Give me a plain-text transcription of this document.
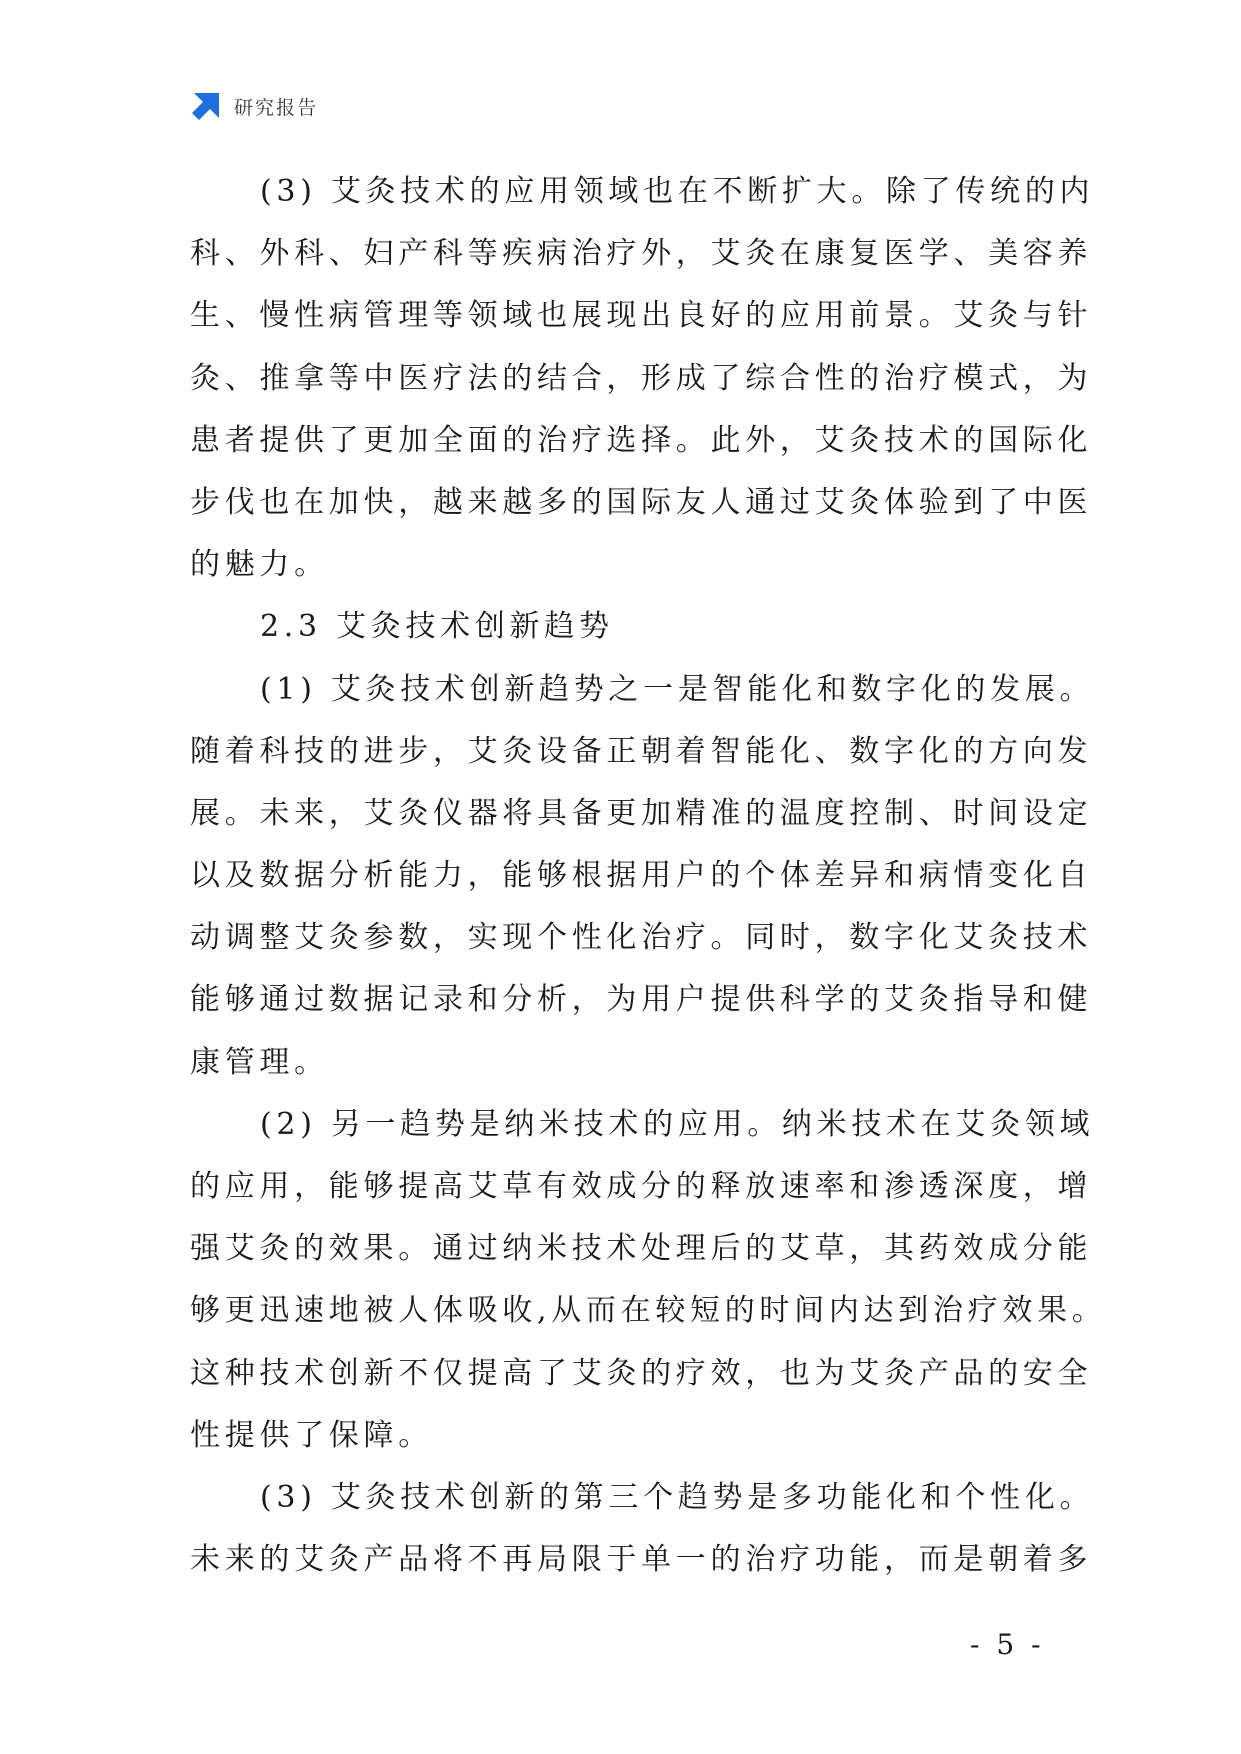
研究报告
(3) 艾灸技术的应用领域也在不断扩大。除了传统的内
科、外科、妇产科等疾病治疗外，艾灸在康复医学、美容养
生、慢性病管理等领域也展现出良好的应用前景。艾灸与针
灸、推拿等中医疗法的结合，形成了综合性的治疗模式，为
患者提供了更加全面的治疗选择。此外，艾灸技术的国际化
步伐也在加快，越来越多的国际友人通过艾灸体验到了中医
的魅力。
2.3 艾灸技术创新趋势
(1) 艾灸技术创新趋势之一是智能化和数字化的发展。
随着科技的进步，艾灸设备正朝着智能化、数字化的方向发
展。未来，艾灸仪器将具备更加精准的温度控制、时间设定
以及数据分析能力，能够根据用户的个体差异和病情变化自
动调整艾灸参数，实现个性化治疗。同时，数字化艾灸技术
能够通过数据记录和分析，为用户提供科学的艾灸指导和健
康管理。
(2) 另一趋势是纳米技术的应用。纳米技术在艾灸领域
的应用，能够提高艾草有效成分的释放速率和渗透深度，增
强艾灸的效果。通过纳米技术处理后的艾草，其药效成分能
够更迅速地被人体吸收,从而在较短的时间内达到治疗效果。
这种技术创新不仅提高了艾灸的疗效，也为艾灸产品的安全
性提供了保障。
(3) 艾灸技术创新的第三个趋势是多功能化和个性化。
未来的艾灸产品将不再局限于单一的治疗功能，而是朝着多
- 5 -
